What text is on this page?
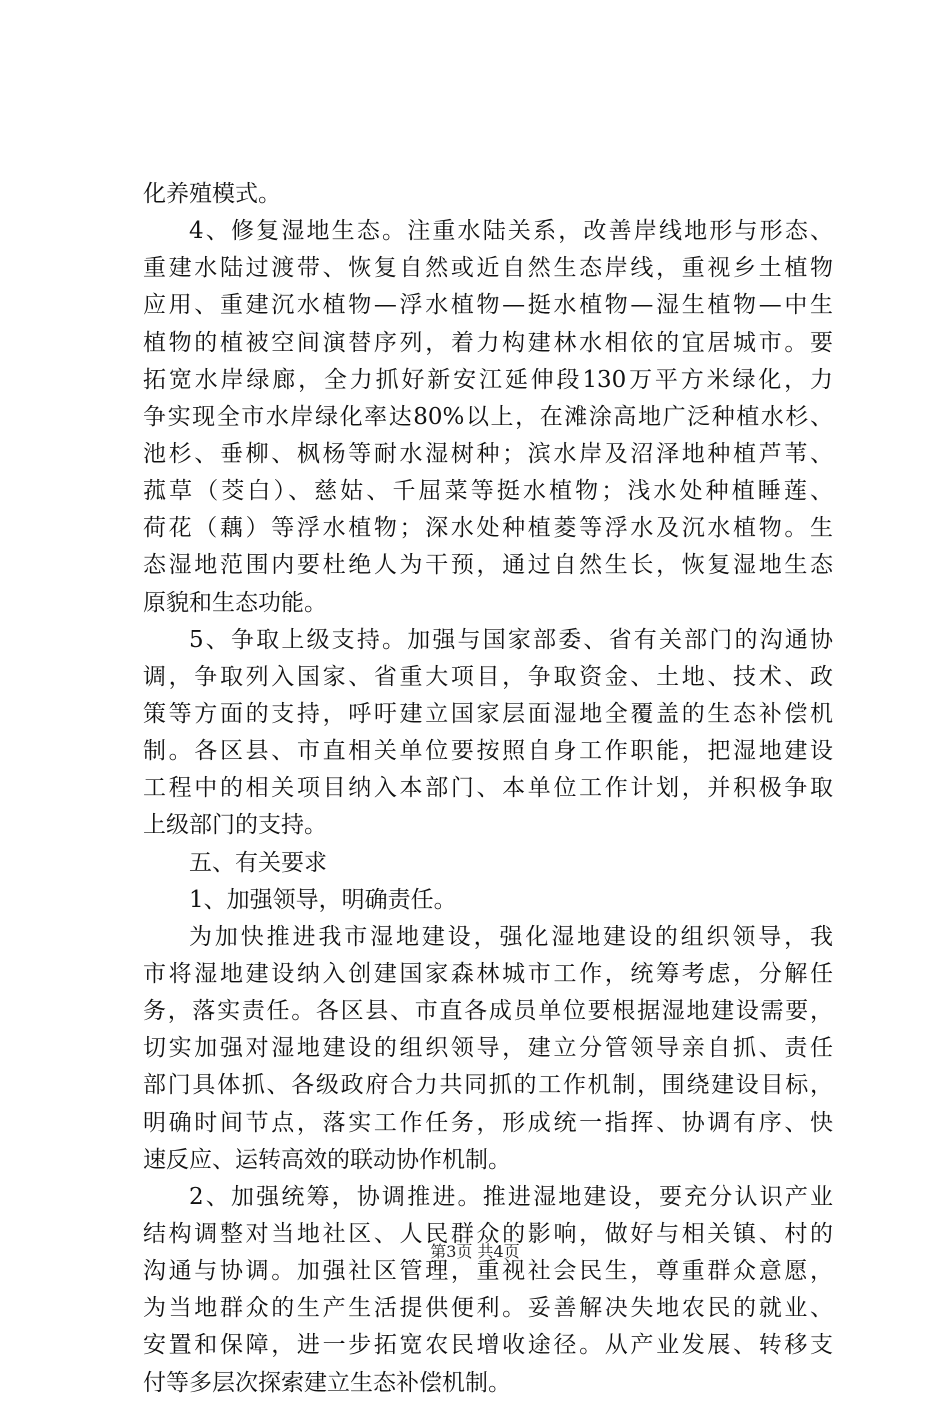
化养殖模式。
4、修复湿地生态。注重水陆关系，改善岸线地形与形态、
重建水陆过渡带、恢复自然或近自然生态岸线，重视乡土植物
应用、重建沉水植物—浮水植物—挺水植物—湿生植物—中生
植物的植被空间演替序列，着力构建林水相依的宜居城市。要
拓宽水岸绿廊，全力抓好新安江延伸段130万平方米绿化，力
争实现全市水岸绿化率达80%以上，在滩涂高地广泛种植水杉、
池杉、垂柳、枫杨等耐水湿树种；滨水岸及沼泽地种植芦苇、
菰草（茭白）、慈姑、千屈菜等挺水植物；浅水处种植睡莲、
荷花（藕）等浮水植物；深水处种植菱等浮水及沉水植物。生
态湿地范围内要杜绝人为干预，通过自然生长，恢复湿地生态
原貌和生态功能。
5、争取上级支持。加强与国家部委、省有关部门的沟通协
调，争取列入国家、省重大项目，争取资金、土地、技术、政
策等方面的支持，呼吁建立国家层面湿地全覆盖的生态补偿机
制。各区县、市直相关单位要按照自身工作职能，把湿地建设
工程中的相关项目纳入本部门、本单位工作计划，并积极争取
上级部门的支持。
五、有关要求
1、加强领导，明确责任。
为加快推进我市湿地建设，强化湿地建设的组织领导，我
市将湿地建设纳入创建国家森林城市工作，统筹考虑，分解任
务，落实责任。各区县、市直各成员单位要根据湿地建设需要，
切实加强对湿地建设的组织领导，建立分管领导亲自抓、责任
部门具体抓、各级政府合力共同抓的工作机制，围绕建设目标，
明确时间节点，落实工作任务，形成统一指挥、协调有序、快
速反应、运转高效的联动协作机制。
2、加强统筹，协调推进。推进湿地建设，要充分认识产业
结构调整对当地社区、人民群众的影响，做好与相关镇、村的
沟通与协调。加强社区管理，重视社会民生，尊重群众意愿，
为当地群众的生产生活提供便利。妥善解决失地农民的就业、
安置和保障，进一步拓宽农民增收途径。从产业发展、转移支
付等多层次探索建立生态补偿机制。
第3页 共4页
